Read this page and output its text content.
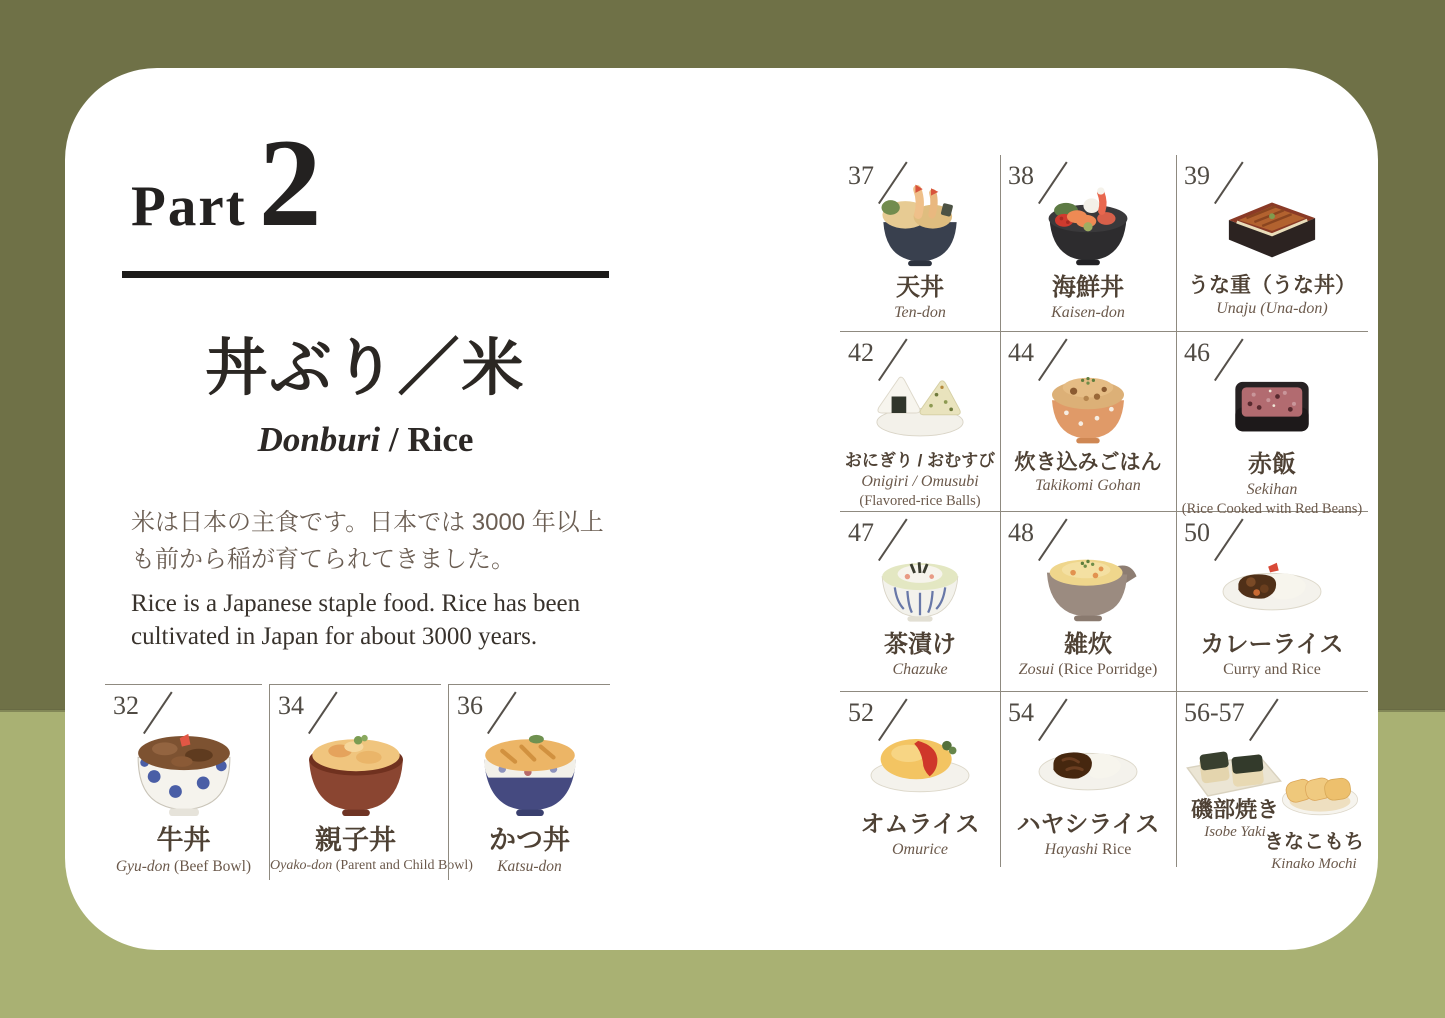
Part 2
丼ぶり／米
Donburi / Rice
米は日本の主食です。日本では 3000 年以上も前から稲が育てられてきました。
Rice is a Japanese staple food. Rice has been cultivated in Japan for about 3000 years.
32
牛丼
Gyu-don (Beef Bowl)
34
親子丼
Oyako-don (Parent and Child Bowl)
36
かつ丼
Katsu-don
37
天丼
Ten-don
38
海鮮丼
Kaisen-don
39
うな重（うな丼）
Unaju (Una-don)
42
おにぎり / おむすび
Onigiri / Omusubi
(Flavored-rice Balls)
44
炊き込みごはん
Takikomi Gohan
46
赤飯
Sekihan
(Rice Cooked with Red Beans)
47
茶漬け
Chazuke
48
雑炊
Zosui (Rice Porridge)
50
カレーライス
Curry and Rice
52
オムライス
Omurice
54
ハヤシライス
Hayashi Rice
56-57
磯部焼き
Isobe Yaki
きなこもち
Kinako Mochi
